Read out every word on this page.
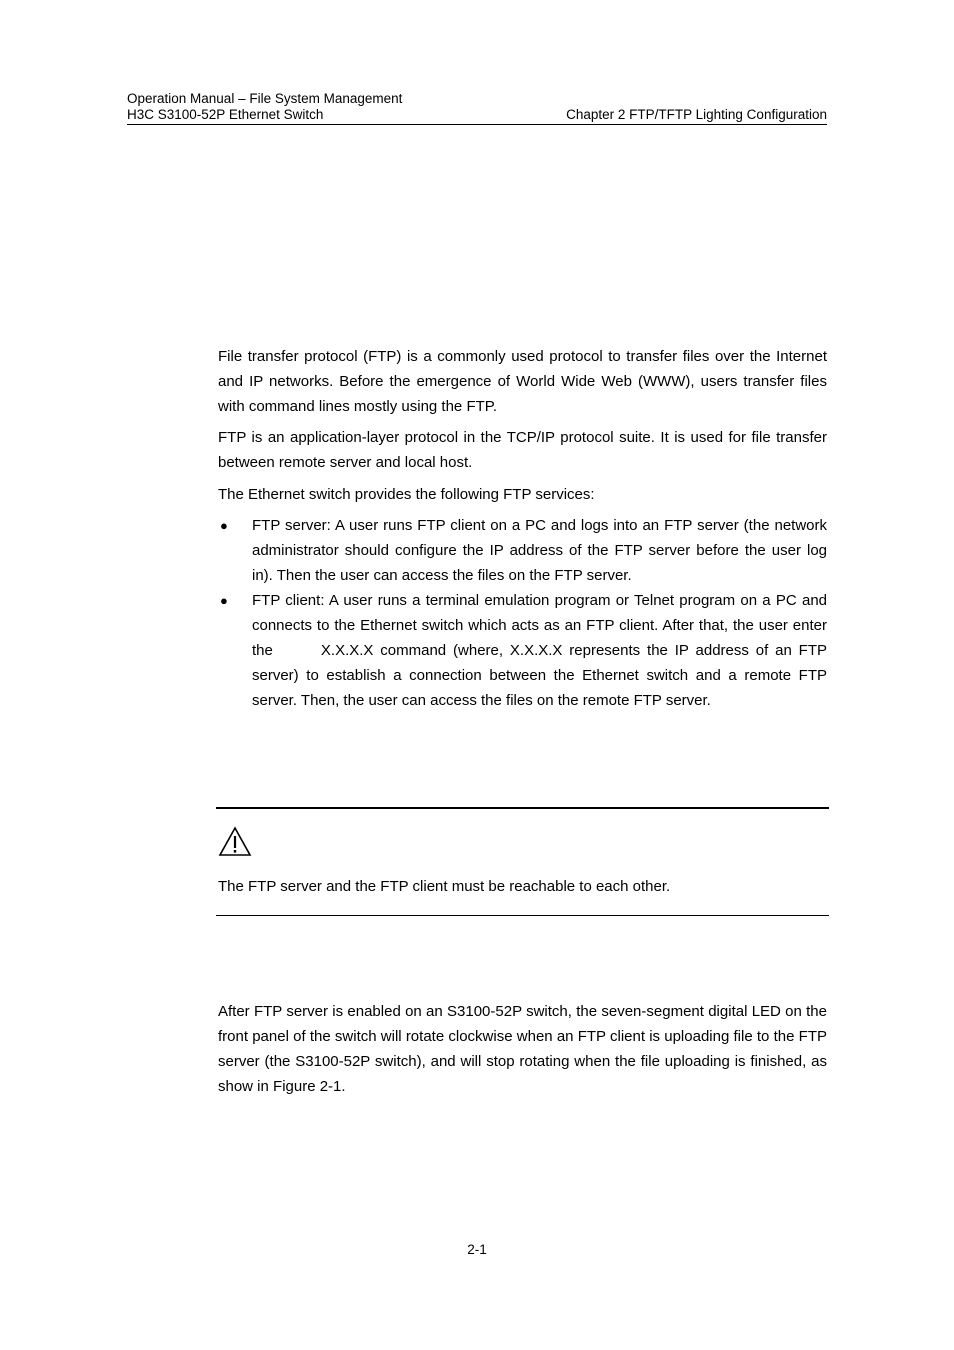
Operation Manual – File System Management
H3C S3100-52P Ethernet Switch	Chapter 2 FTP/TFTP Lighting Configuration

File transfer protocol (FTP) is a commonly used protocol to transfer files over the Internet and IP networks. Before the emergence of World Wide Web (WWW), users transfer files with command lines mostly using the FTP.

FTP is an application-layer protocol in the TCP/IP protocol suite. It is used for file transfer between remote server and local host.

The Ethernet switch provides the following FTP services:

● FTP server: A user runs FTP client on a PC and logs into an FTP server (the network administrator should configure the IP address of the FTP server before the user log in). Then the user can access the files on the FTP server.
● FTP client: A user runs a terminal emulation program or Telnet program on a PC and connects to the Ethernet switch which acts as an FTP client. After that, the user enter the       X.X.X.X command (where, X.X.X.X represents the IP address of an FTP server) to establish a connection between the Ethernet switch and a remote FTP server. Then, the user can access the files on the remote FTP server.

The FTP server and the FTP client must be reachable to each other.

After FTP server is enabled on an S3100-52P switch, the seven-segment digital LED on the front panel of the switch will rotate clockwise when an FTP client is uploading file to the FTP server (the S3100-52P switch), and will stop rotating when the file uploading is finished, as show in Figure 2-1.

2-1
